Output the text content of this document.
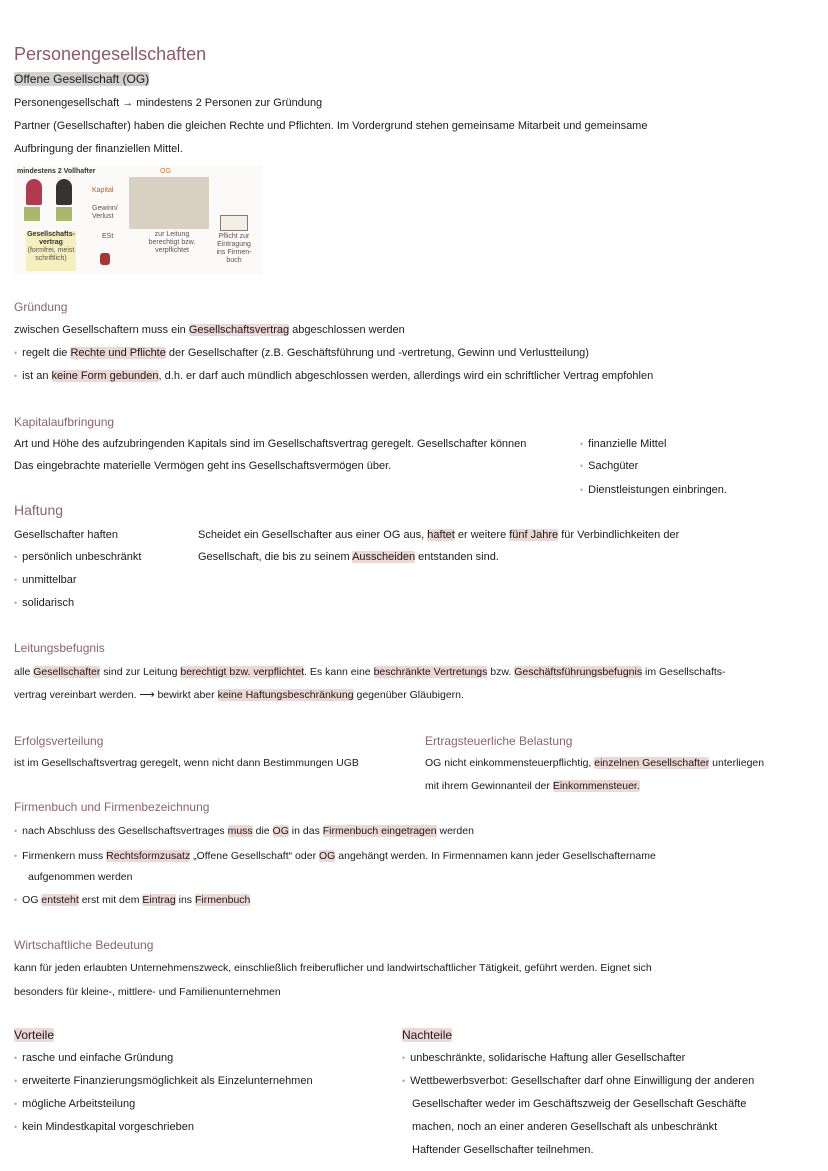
Personengesellschaften
Offene Gesellschaft (OG)
Personengesellschaft → mindestens 2 Personen zur Gründung
Partner (Gesellschafter) haben die gleichen Rechte und Pflichten. Im Vordergrund stehen gemeinsame Mitarbeit und gemeinsame
Aufbringung der finanziellen Mittel.
mindestens 2 Vollhafter
Kapital
Gewinn/ Verlust
ESt
Gesellschafts-vertrag
(formfrei, meist schriftlich)
OG
zur Leitung berechtigt bzw. verpflichtet
Pflicht zur Eintragung ins Firmen-buch
Gründung
zwischen Gesellschaftern muss ein Gesellschaftsvertrag abgeschlossen werden
• regelt die Rechte und Pflichte der Gesellschafter (z.B. Geschäftsführung und -vertretung, Gewinn und Verlustteilung)
• ist an keine Form gebunden, d.h. er darf auch mündlich abgeschlossen werden, allerdings wird ein schriftlicher Vertrag empfohlen
Kapitalaufbringung
Art und Höhe des aufzubringenden Kapitals sind im Gesellschaftsvertrag geregelt. Gesellschafter können
Das eingebrachte materielle Vermögen geht ins Gesellschaftsvermögen über.
• finanzielle Mittel
• Sachgüter
• Dienstleistungen einbringen.
Haftung
Gesellschafter haften
• persönlich unbeschränkt
• unmittelbar
• solidarisch
Scheidet ein Gesellschafter aus einer OG aus, haftet er weitere fünf Jahre für Verbindlichkeiten der
Gesellschaft, die bis zu seinem Ausscheiden entstanden sind.
Leitungsbefugnis
alle Gesellschafter sind zur Leitung berechtigt bzw. verpflichtet. Es kann eine beschränkte Vertretungs bzw. Geschäftsführungsbefugnis im Gesellschafts-
vertrag vereinbart werden. ⟶ bewirkt aber keine Haftungsbeschränkung gegenüber Gläubigern.
Erfolgsverteilung
ist im Gesellschaftsvertrag geregelt, wenn nicht dann Bestimmungen UGB
Ertragsteuerliche Belastung
OG nicht einkommensteuerpflichtig, einzelnen Gesellschafter unterliegen
mit ihrem Gewinnanteil der Einkommensteuer.
Firmenbuch und Firmenbezeichnung
• nach Abschluss des Gesellschaftsvertrages muss die OG in das Firmenbuch eingetragen werden
• Firmenkern muss Rechtsformzusatz „Offene Gesellschaft“ oder OG angehängt werden. In Firmennamen kann jeder Gesellschaftername
aufgenommen werden
• OG entsteht erst mit dem Eintrag ins Firmenbuch
Wirtschaftliche Bedeutung
kann für jeden erlaubten Unternehmenszweck, einschließlich freiberuflicher und landwirtschaftlicher Tätigkeit, geführt werden. Eignet sich
besonders für kleine-, mittlere- und Familienunternehmen
Vorteile
• rasche und einfache Gründung
• erweiterte Finanzierungsmöglichkeit als Einzelunternehmen
• mögliche Arbeitsteilung
• kein Mindestkapital vorgeschrieben
Nachteile
• unbeschränkte, solidarische Haftung aller Gesellschafter
• Wettbewerbsverbot: Gesellschafter darf ohne Einwilligung der anderen
Gesellschafter weder im Geschäftszweig der Gesellschaft Geschäfte
machen, noch an einer anderen Gesellschaft als unbeschränkt
Haftender Gesellschafter teilnehmen.
